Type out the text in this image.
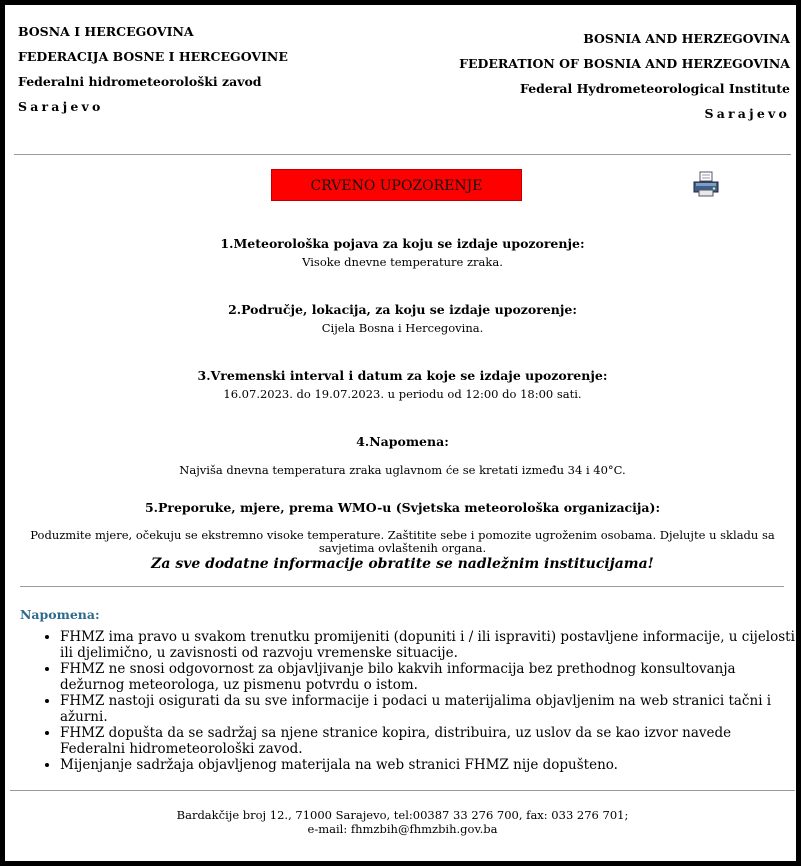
BOSNA I HERCEGOVINA
FEDERACIJA BOSNE I HERCEGOVINE
Federalni hidrometeorološki zavod
Sarajevo
BOSNIA AND HERZEGOVINA
FEDERATION OF BOSNIA AND HERZEGOVINA
Federal Hydrometeorological Institute
Sarajevo
CRVENO UPOZORENJE
1.Meteorološka pojava za koju se izdaje upozorenje:

Visoke dnevne temperature zraka.

2.Područje, lokacija, za koju se izdaje upozorenje:

Cijela Bosna i Hercegovina.

3.Vremenski interval i datum za koje se izdaje upozorenje:

16.07.2023. do 19.07.2023. u periodu od 12:00 do 18:00 sati.

4.Napomena:

Najviša dnevna temperatura zraka uglavnom će se kretati između 34 i 40°C.

5.Preporuke, mjere, prema WMO-u (Svjetska meteorološka organizacija):

Poduzmite mjere, očekuju se ekstremno visoke temperature. Zaštitite sebe i pomozite ugroženim osobama. Djelujte u skladu sa savjetima ovlaštenih organa.

Za sve dodatne informacije obratite se nadležnim institucijama!

Napomena:
• FHMZ ima pravo u svakom trenutku promijeniti (dopuniti i / ili ispraviti) postavljene informacije, u cijelosti ili djelimično, u zavisnosti od razvoju vremenske situacije.
• FHMZ ne snosi odgovornost za objavljivanje bilo kakvih informacija bez prethodnog konsultovanja dežurnog meteorologa, uz pismenu potvrdu o istom.
• FHMZ nastoji osigurati da su sve informacije i podaci u materijalima objavljenim na web stranici tačni i ažurni.
• FHMZ dopušta da se sadržaj sa njene stranice kopira, distribuira, uz uslov da se kao izvor navede Federalni hidrometeorološki zavod.
• Mijenjanje sadržaja objavljenog materijala na web stranici FHMZ nije dopušteno.
Bardakčije broj 12., 71000 Sarajevo, tel:00387 33 276 700, fax: 033 276 701;
e-mail: fhmzbih@fhmzbih.gov.ba
